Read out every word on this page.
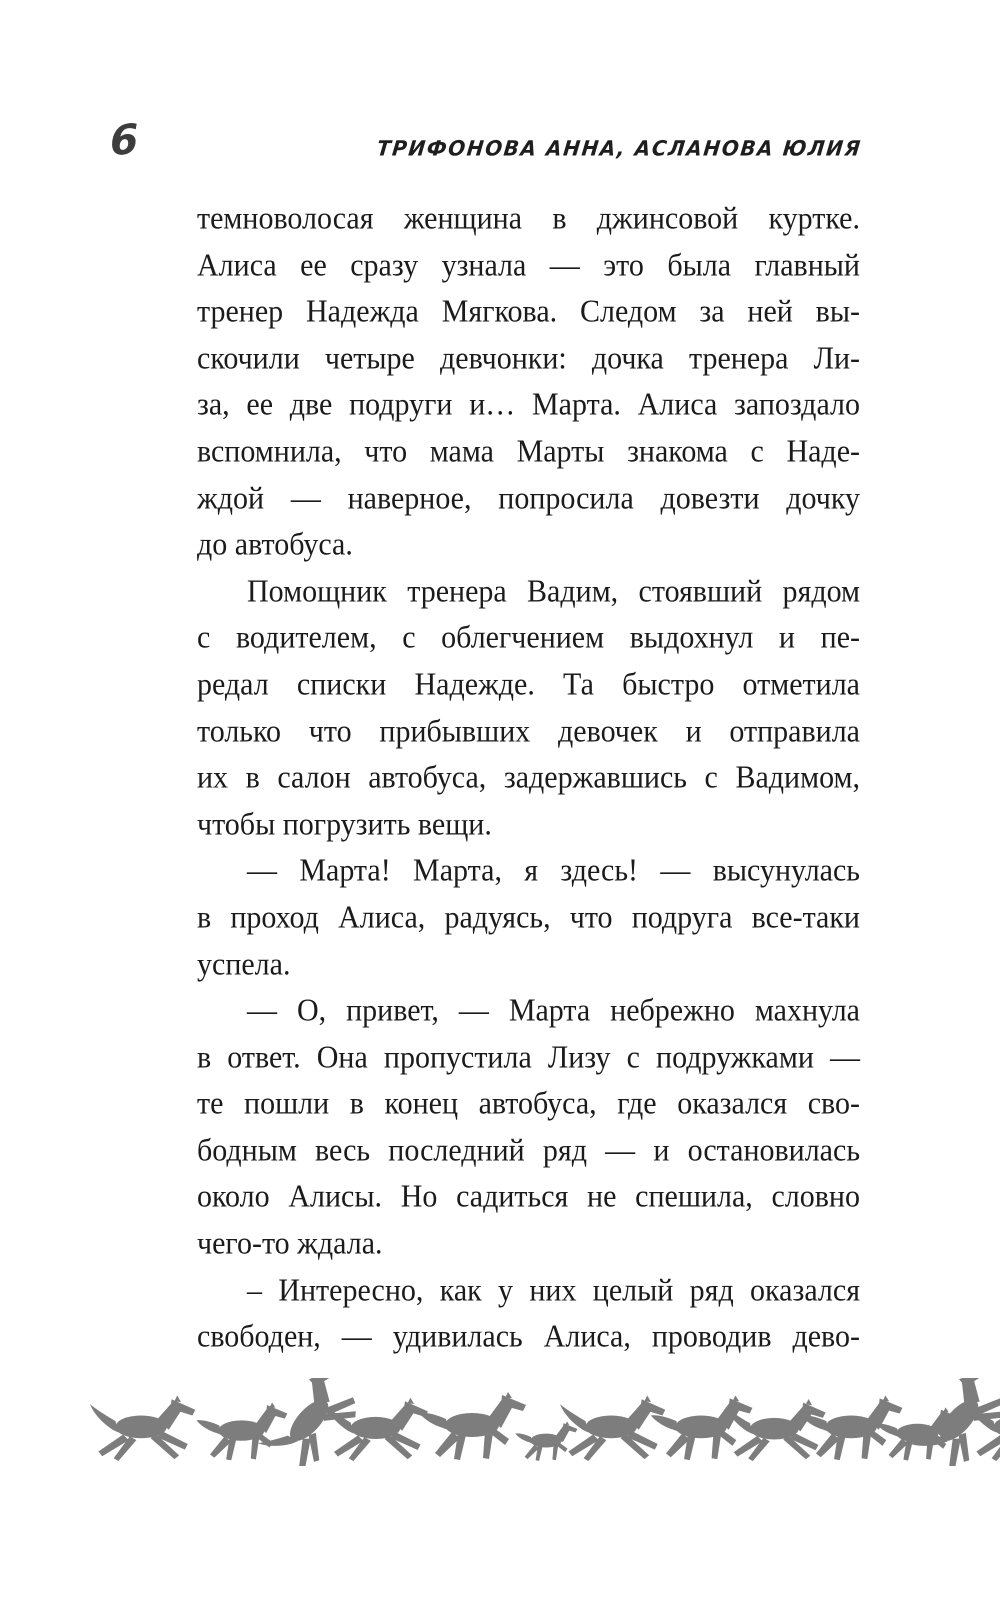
6	ТРИФОНОВА АННА, АСЛАНОВА ЮЛИЯ
темноволосая женщина в джинсовой куртке.
Алиса ее сразу узнала — это была главный
тренер Надежда Мягкова. Следом за ней вы-
скочили четыре девчонки: дочка тренера Ли-
за, ее две подруги и… Марта. Алиса запоздало
вспомнила, что мама Марты знакома с Наде-
ждой — наверное, попросила довезти дочку
до автобуса.
Помощник тренера Вадим, стоявший рядом
с водителем, с облегчением выдохнул и пе-
редал списки Надежде. Та быстро отметила
только что прибывших девочек и отправила
их в салон автобуса, задержавшись с Вадимом,
чтобы погрузить вещи.
— Марта! Марта, я здесь! — высунулась
в проход Алиса, радуясь, что подруга все-таки
успела.
— О, привет, — Марта небрежно махнула
в ответ. Она пропустила Лизу с подружками —
те пошли в конец автобуса, где оказался сво-
бодным весь последний ряд — и остановилась
около Алисы. Но садиться не спешила, словно
чего-то ждала.
– Интересно, как у них целый ряд оказался
свободен, — удивилась Алиса, проводив дево-
